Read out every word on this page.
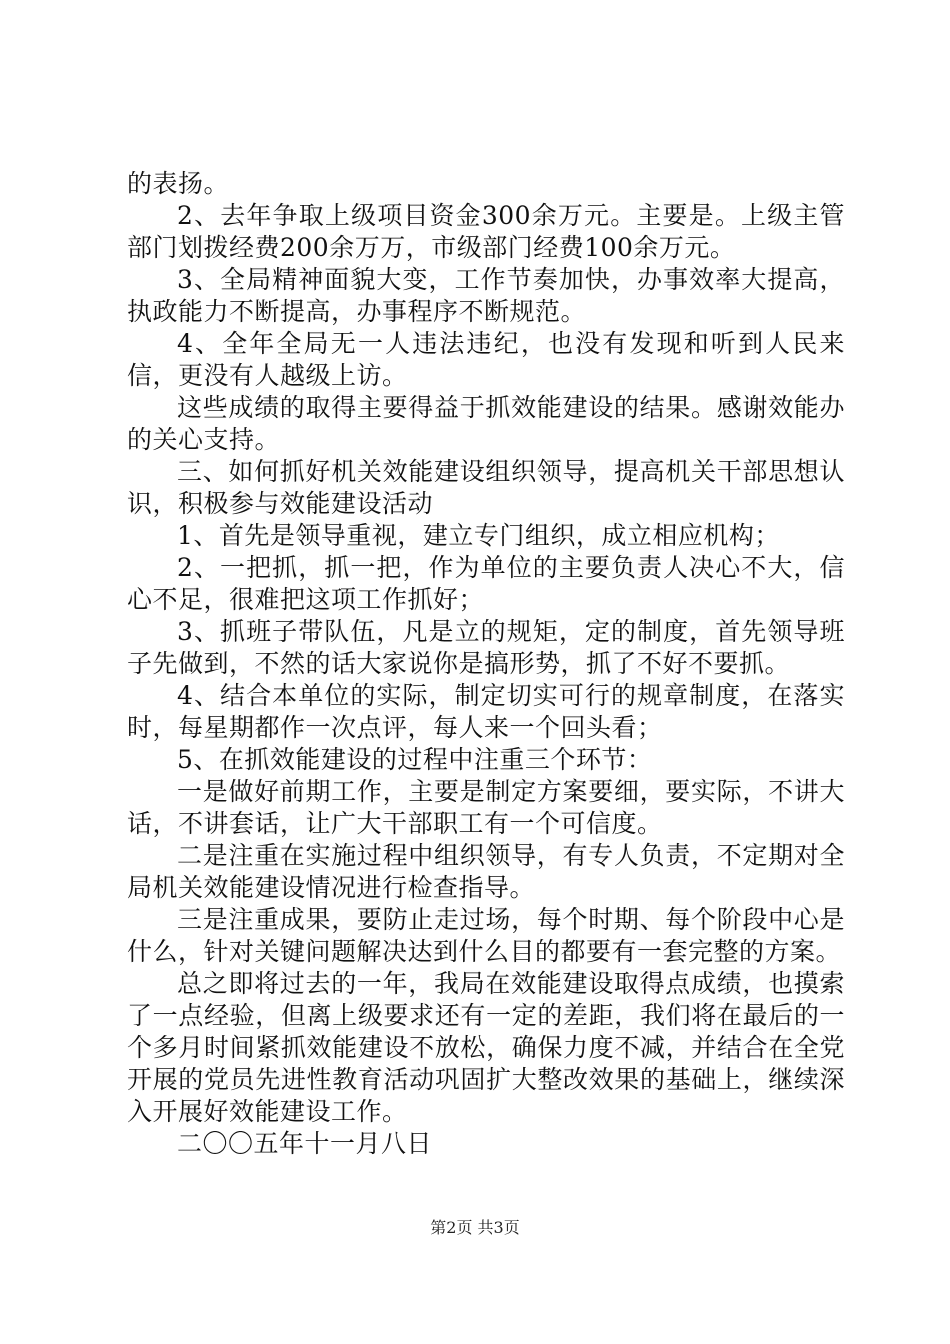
的表扬。

2、去年争取上级项目资金300余万元。主要是。上级主管部门划拨经费200余万万，市级部门经费100余万元。

3、全局精神面貌大变，工作节奏加快，办事效率大提高，执政能力不断提高，办事程序不断规范。

4、全年全局无一人违法违纪，也没有发现和听到人民来信，更没有人越级上访。

这些成绩的取得主要得益于抓效能建设的结果。感谢效能办的关心支持。

三、如何抓好机关效能建设组织领导，提高机关干部思想认识，积极参与效能建设活动

1、首先是领导重视，建立专门组织，成立相应机构；

2、一把抓，抓一把，作为单位的主要负责人决心不大，信心不足，很难把这项工作抓好；

3、抓班子带队伍，凡是立的规矩，定的制度，首先领导班子先做到，不然的话大家说你是搞形势，抓了不好不要抓。

4、结合本单位的实际，制定切实可行的规章制度，在落实时，每星期都作一次点评，每人来一个回头看；

5、在抓效能建设的过程中注重三个环节：

一是做好前期工作，主要是制定方案要细，要实际，不讲大话，不讲套话，让广大干部职工有一个可信度。

二是注重在实施过程中组织领导，有专人负责，不定期对全局机关效能建设情况进行检查指导。

三是注重成果，要防止走过场，每个时期、每个阶段中心是什么，针对关键问题解决达到什么目的都要有一套完整的方案。

总之即将过去的一年，我局在效能建设取得点成绩，也摸索了一点经验，但离上级要求还有一定的差距，我们将在最后的一个多月时间紧抓效能建设不放松，确保力度不减，并结合在全党开展的党员先进性教育活动巩固扩大整改效果的基础上，继续深入开展好效能建设工作。

二〇〇五年十一月八日

第2页 共3页
